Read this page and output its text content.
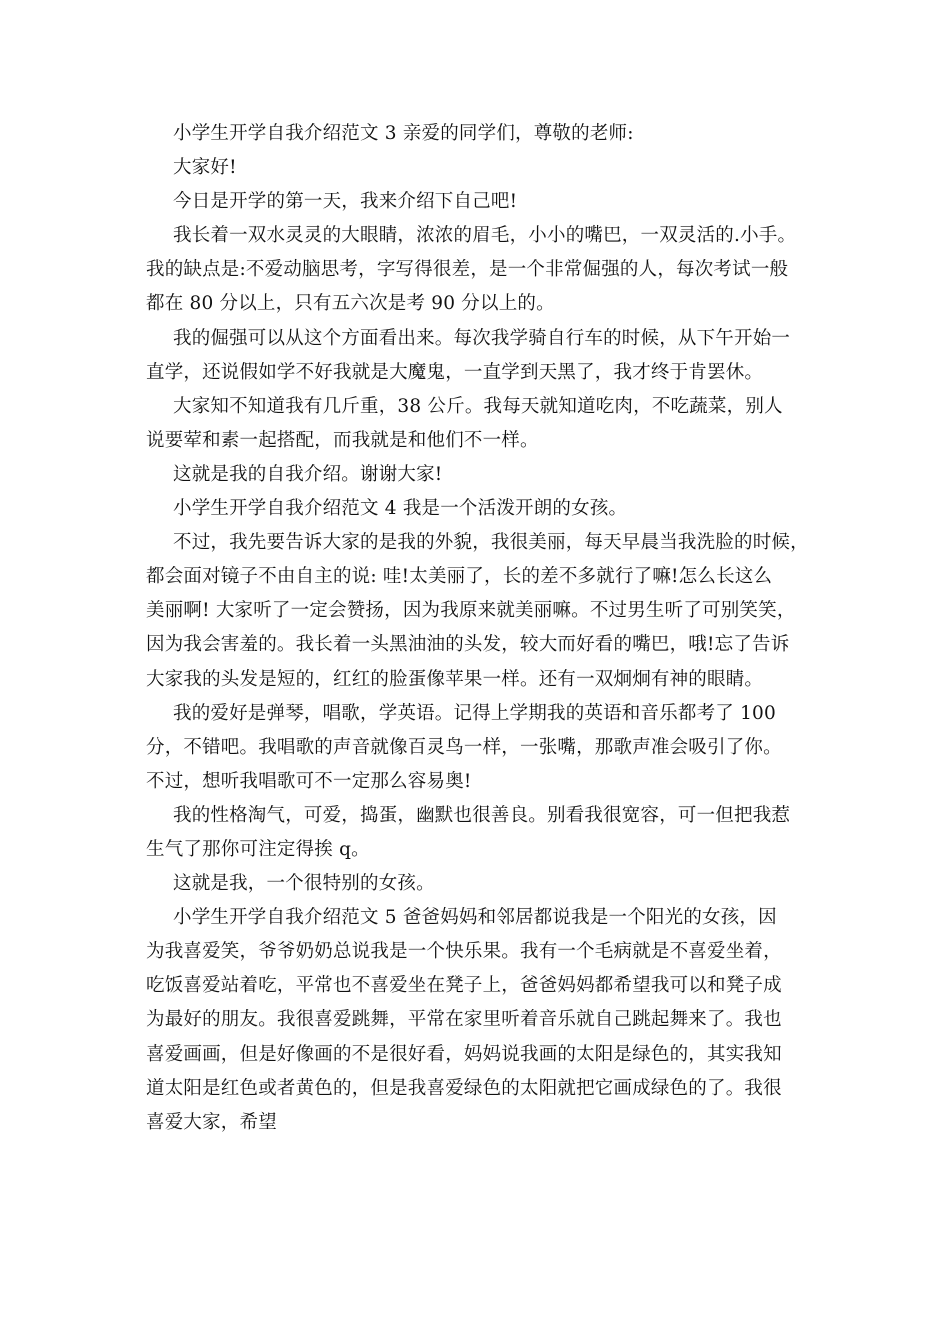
小学生开学自我介绍范文 3 亲爱的同学们，尊敬的老师:
大家好!
今日是开学的第一天，我来介绍下自己吧!
我长着一双水灵灵的大眼睛，浓浓的眉毛，小小的嘴巴，一双灵活的.小手。
我的缺点是:不爱动脑思考，字写得很差，是一个非常倔强的人，每次考试一般
都在 80 分以上，只有五六次是考 90 分以上的。
我的倔强可以从这个方面看出来。每次我学骑自行车的时候，从下午开始一
直学，还说假如学不好我就是大魔鬼，一直学到天黑了，我才终于肯罢休。
大家知不知道我有几斤重，38 公斤。我每天就知道吃肉，不吃蔬菜，别人
说要荤和素一起搭配，而我就是和他们不一样。
这就是我的自我介绍。谢谢大家!
小学生开学自我介绍范文 4 我是一个活泼开朗的女孩。
不过，我先要告诉大家的是我的外貌，我很美丽，每天早晨当我洗脸的时候，
都会面对镜子不由自主的说: 哇!太美丽了，长的差不多就行了嘛!怎么长这么
美丽啊! 大家听了一定会赞扬，因为我原来就美丽嘛。不过男生听了可别笑笑，
因为我会害羞的。我长着一头黑油油的头发，较大而好看的嘴巴，哦!忘了告诉
大家我的头发是短的，红红的脸蛋像苹果一样。还有一双炯炯有神的眼睛。
我的爱好是弹琴，唱歌，学英语。记得上学期我的英语和音乐都考了 100
分，不错吧。我唱歌的声音就像百灵鸟一样，一张嘴，那歌声准会吸引了你。
不过，想听我唱歌可不一定那么容易奥!
我的性格淘气，可爱，捣蛋，幽默也很善良。别看我很宽容，可一但把我惹
生气了那你可注定得挨 q。
这就是我，一个很特别的女孩。
小学生开学自我介绍范文 5 爸爸妈妈和邻居都说我是一个阳光的女孩，因
为我喜爱笑，爷爷奶奶总说我是一个快乐果。我有一个毛病就是不喜爱坐着，
吃饭喜爱站着吃，平常也不喜爱坐在凳子上，爸爸妈妈都希望我可以和凳子成
为最好的朋友。我很喜爱跳舞，平常在家里听着音乐就自己跳起舞来了。我也
喜爱画画，但是好像画的不是很好看，妈妈说我画的太阳是绿色的，其实我知
道太阳是红色或者黄色的，但是我喜爱绿色的太阳就把它画成绿色的了。我很
喜爱大家，希望
